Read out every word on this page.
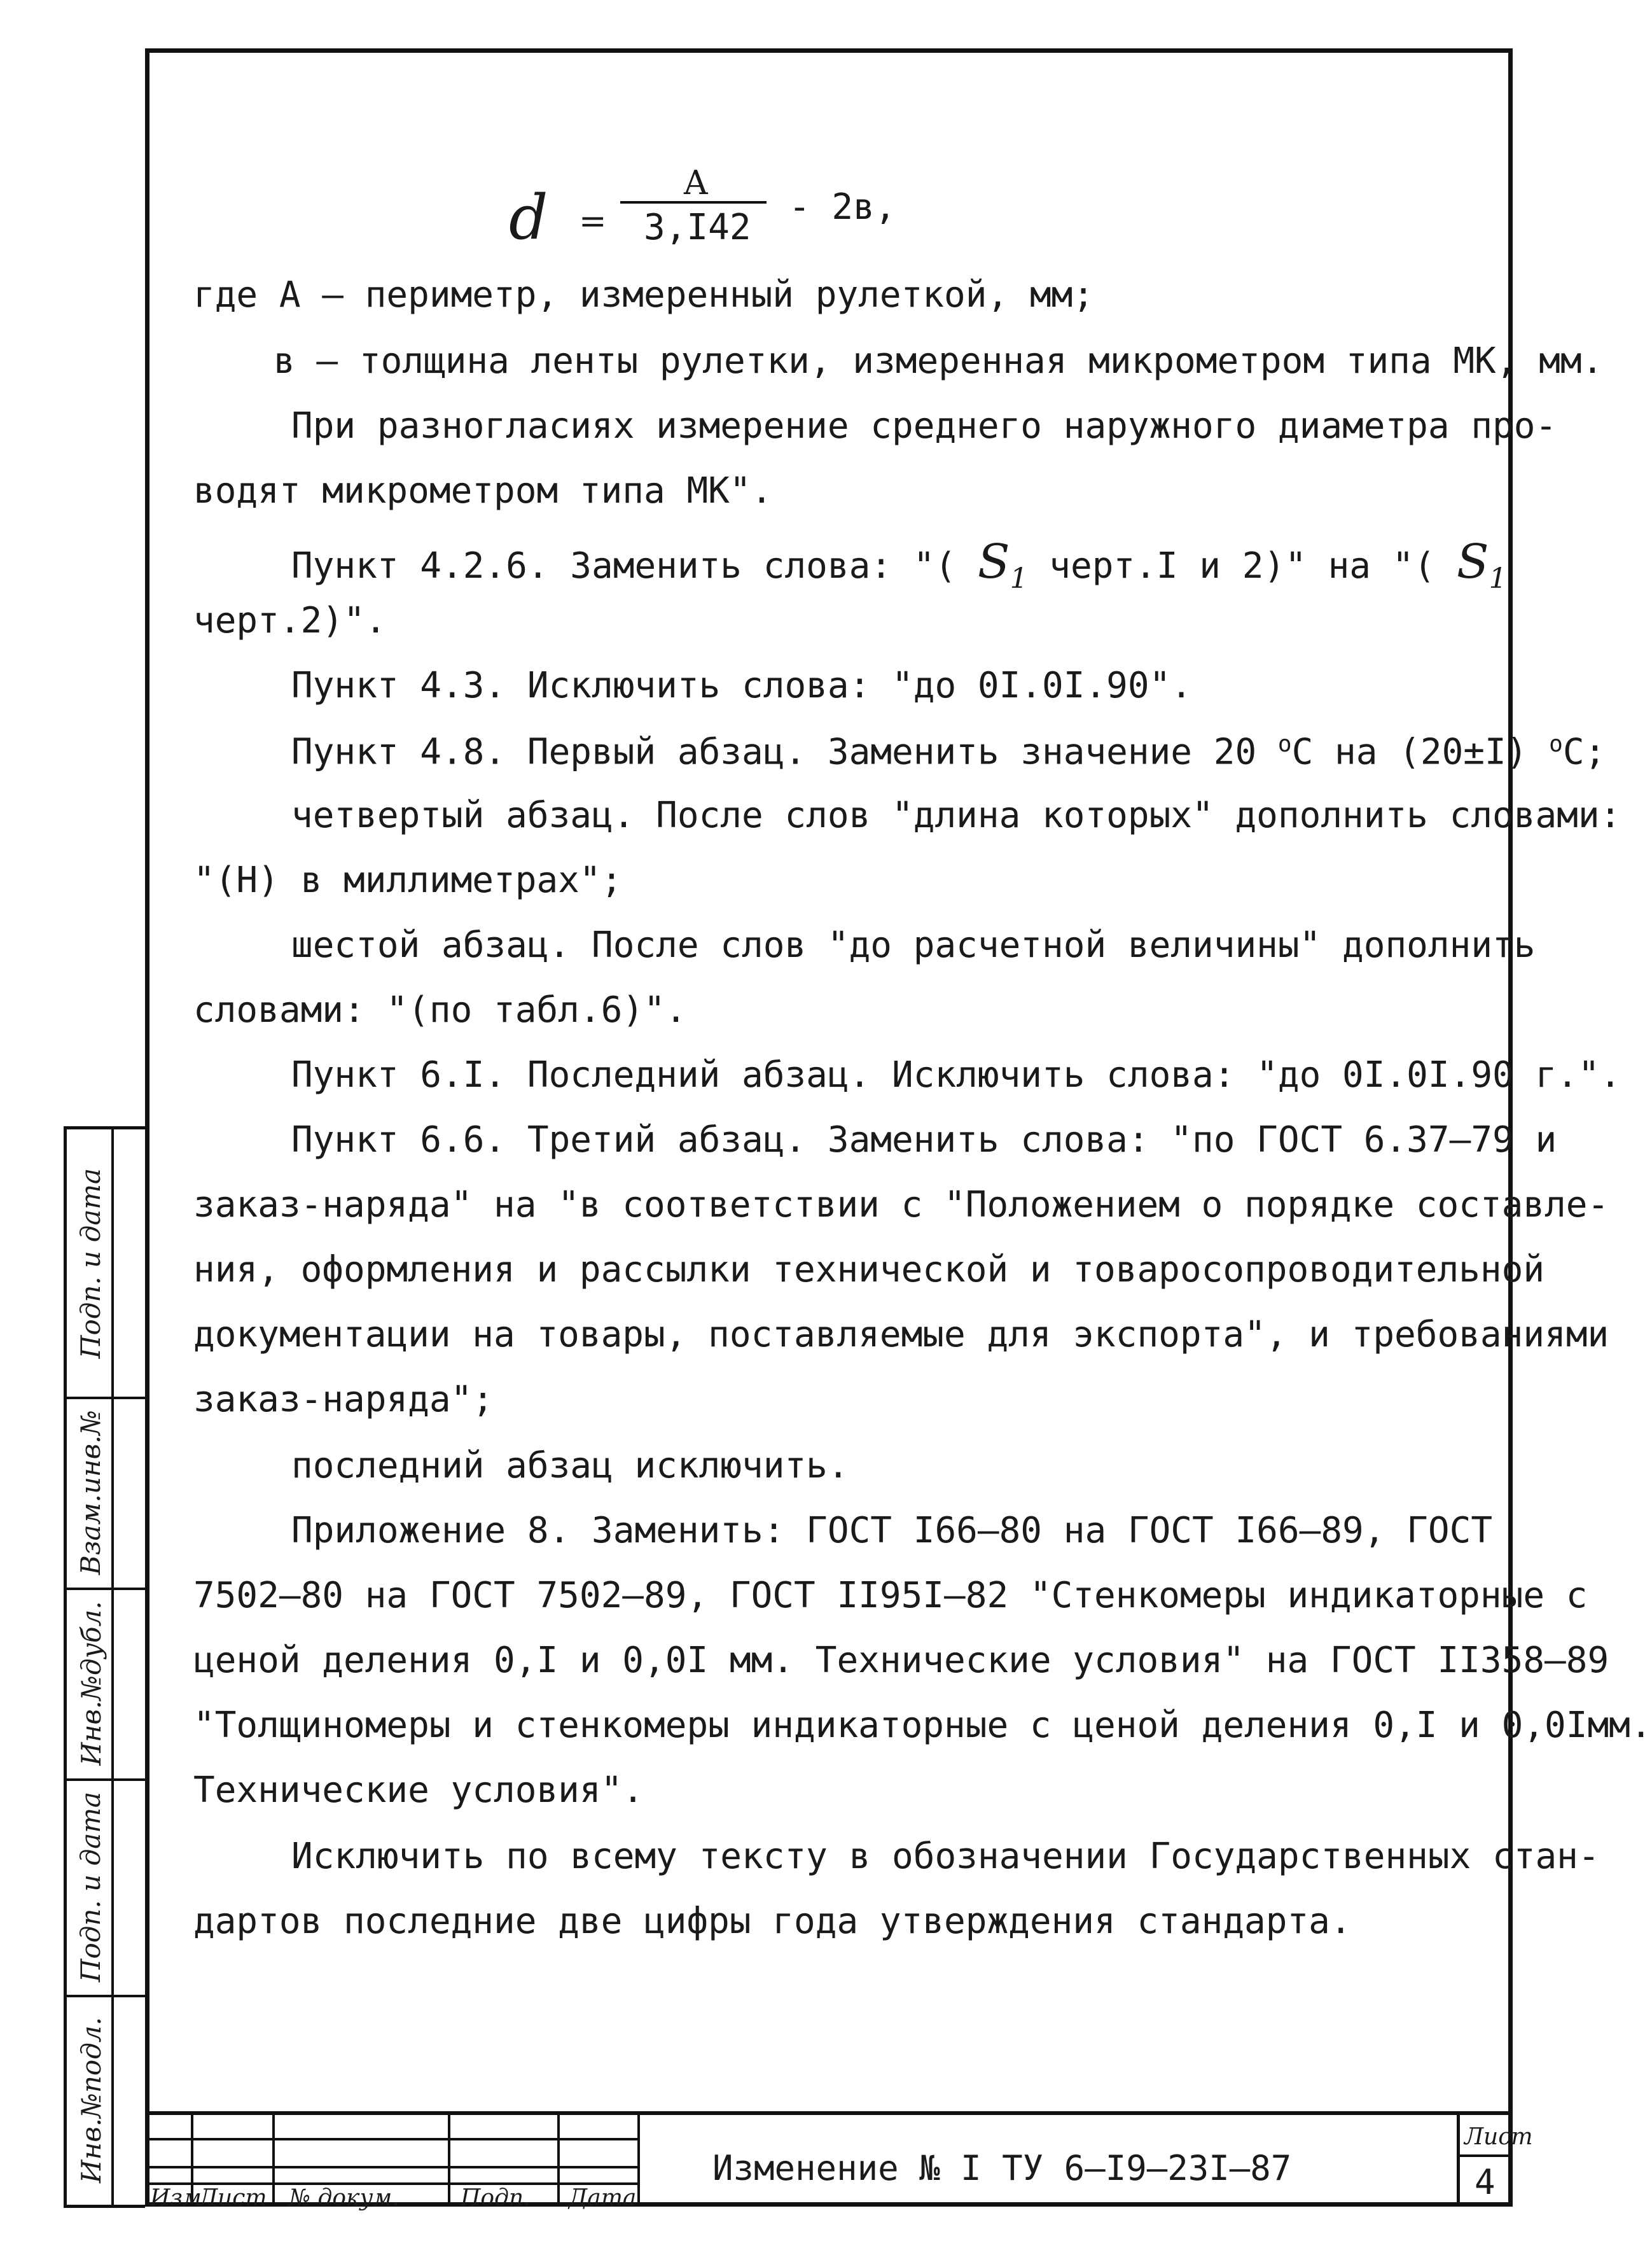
d =
A
3,I42 - 2в,
где А – периметр, измеренный рулеткой, мм;
в – толщина ленты рулетки, измеренная микрометром типа МК, мм.
При разногласиях измерение среднего наружного диаметра про-
водят микрометром типа МК".
Пункт 4.2.6. Заменить слова: "( $S_1$ черт.I и 2)" на "( $S_1$
черт.2)".
Пункт 4.3. Исключить слова: "до 0I.0I.90".
Пункт 4.8. Первый абзац. Заменить значение 20 $^o$С на (20±I) $^o$С;
четвертый абзац. После слов "длина которых" дополнить словами:
"(Н) в миллиметрах";
шестой абзац. После слов "до расчетной величины" дополнить
словами: "(по табл.6)".
Пункт 6.I. Последний абзац. Исключить слова: "до 0I.0I.90 г.".
Пункт 6.6. Третий абзац. Заменить слова: "по ГОСТ 6.37–79 и
заказ-наряда" на "в соответствии с "Положением о порядке составле-
ния, оформления и рассылки технической и товаросопроводительной
документации на товары, поставляемые для экспорта", и требованиями
заказ-наряда";
последний абзац исключить.
Приложение 8. Заменить: ГОСТ I66–80 на ГОСТ I66–89, ГОСТ
7502–80 на ГОСТ 7502–89, ГОСТ II95I–82 "Стенкомеры индикаторные с
ценой деления 0,I и 0,0I мм. Технические условия" на ГОСТ II358–89
"Толщиномеры и стенкомеры индикаторные с ценой деления 0,I и 0,0Iмм.
Технические условия".
Исключить по всему тексту в обозначении Государственных стан-
дартов последние две цифры года утверждения стандарта.
Подп. и дата
Взам.инв.№
Инв.№дубл.
Подп. и дата
Инв.№подл.
Изм
Лист № докум.	Подп. Дата
Изменение № I ТУ 6–I9–23I–87
Лист
4
